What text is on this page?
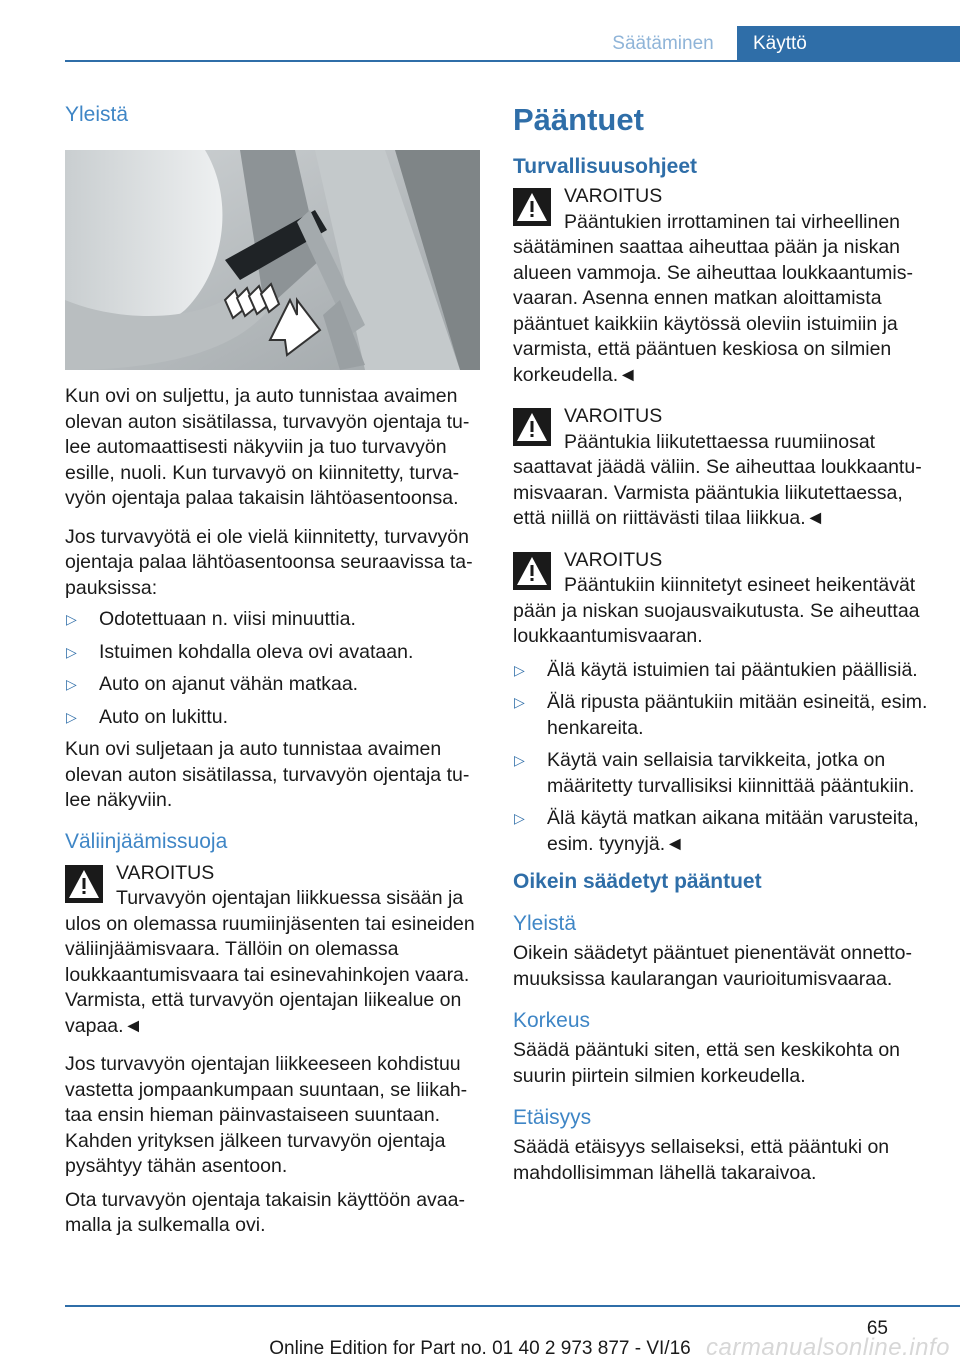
Säätäminen	Käyttö
Yleistä

Kun ovi on suljettu, ja auto tunnistaa avaimen olevan auton sisätilassa, turvavyön ojentaja tulee automaattisesti näkyviin ja tuo turvavyön esille, nuoli. Kun turvavyö on kiinnitetty, turvavyön ojentaja palaa takaisin lähtöasentoonsa.

Jos turvavyötä ei ole vielä kiinnitetty, turvavyön ojentaja palaa lähtöasentoonsa seuraavissa tapauksissa:

▷ Odotettuaan n. viisi minuuttia.
▷ Istuimen kohdalla oleva ovi avataan.
▷ Auto on ajanut vähän matkaa.
▷ Auto on lukittu.

Kun ovi suljetaan ja auto tunnistaa avaimen olevan auton sisätilassa, turvavyön ojentaja tulee näkyviin.

Väliinjäämissuoja

VAROITUS

Turvavyön ojentajan liikkuessa sisään ja ulos on olemassa ruumiinjäsenten tai esineiden väliinjäämisvaara. Tällöin on olemassa loukkaantumisvaara tai esinevahinkojen vaara. Varmista, että turvavyön ojentajan liikealue on vapaa.◄

Jos turvavyön ojentajan liikkeeseen kohdistuu vastetta jompaankumpaan suuntaan, se liikahtaa ensin hieman päinvastaiseen suuntaan. Kahden yrityksen jälkeen turvavyön ojentaja pysähtyy tähän asentoon.

Ota turvavyön ojentaja takaisin käyttöön avaamalla ja sulkemalla ovi.

Pääntuet
Turvallisuusohjeet

VAROITUS

Pääntukien irrottaminen tai virheellinen säätäminen saattaa aiheuttaa pään ja niskan alueen vammoja. Se aiheuttaa loukkaantumisvaaran. Asenna ennen matkan aloittamista pääntuet kaikkiin käytössä oleviin istuimiin ja varmista, että pääntuen keskiosa on silmien korkeudella.◄

VAROITUS

Pääntukia liikutettaessa ruumiinosat saattavat jäädä väliin. Se aiheuttaa loukkaantumisvaaran. Varmista pääntukia liikutettaessa, että niillä on riittävästi tilaa liikkua.◄

VAROITUS

Pääntukiin kiinnitetyt esineet heikentävät pään ja niskan suojausvaikutusta. Se aiheuttaa loukkaantumisvaaran.

▷ Älä käytä istuimien tai pääntukien päällisiä.
▷ Älä ripusta pääntukiin mitään esineitä, esim. henkareita.
▷ Käytä vain sellaisia tarvikkeita, jotka on määritetty turvallisiksi kiinnittää pääntukiin.
▷ Älä käytä matkan aikana mitään varusteita, esim. tyynyjä.◄
Oikein säädetyt pääntuet
Yleistä

Oikein säädetyt pääntuet pienentävät onnettomuuksissa kaularangan vaurioitumisvaaraa.

Korkeus

Säädä pääntuki siten, että sen keskikohta on suurin piirtein silmien korkeudella.

Etäisyys

Säädä etäisyys sellaiseksi, että pääntuki on mahdollisimman lähellä takaraivoa.

65
Online Edition for Part no. 01 40 2 973 877 - VI/16 carmanualsonline.info
